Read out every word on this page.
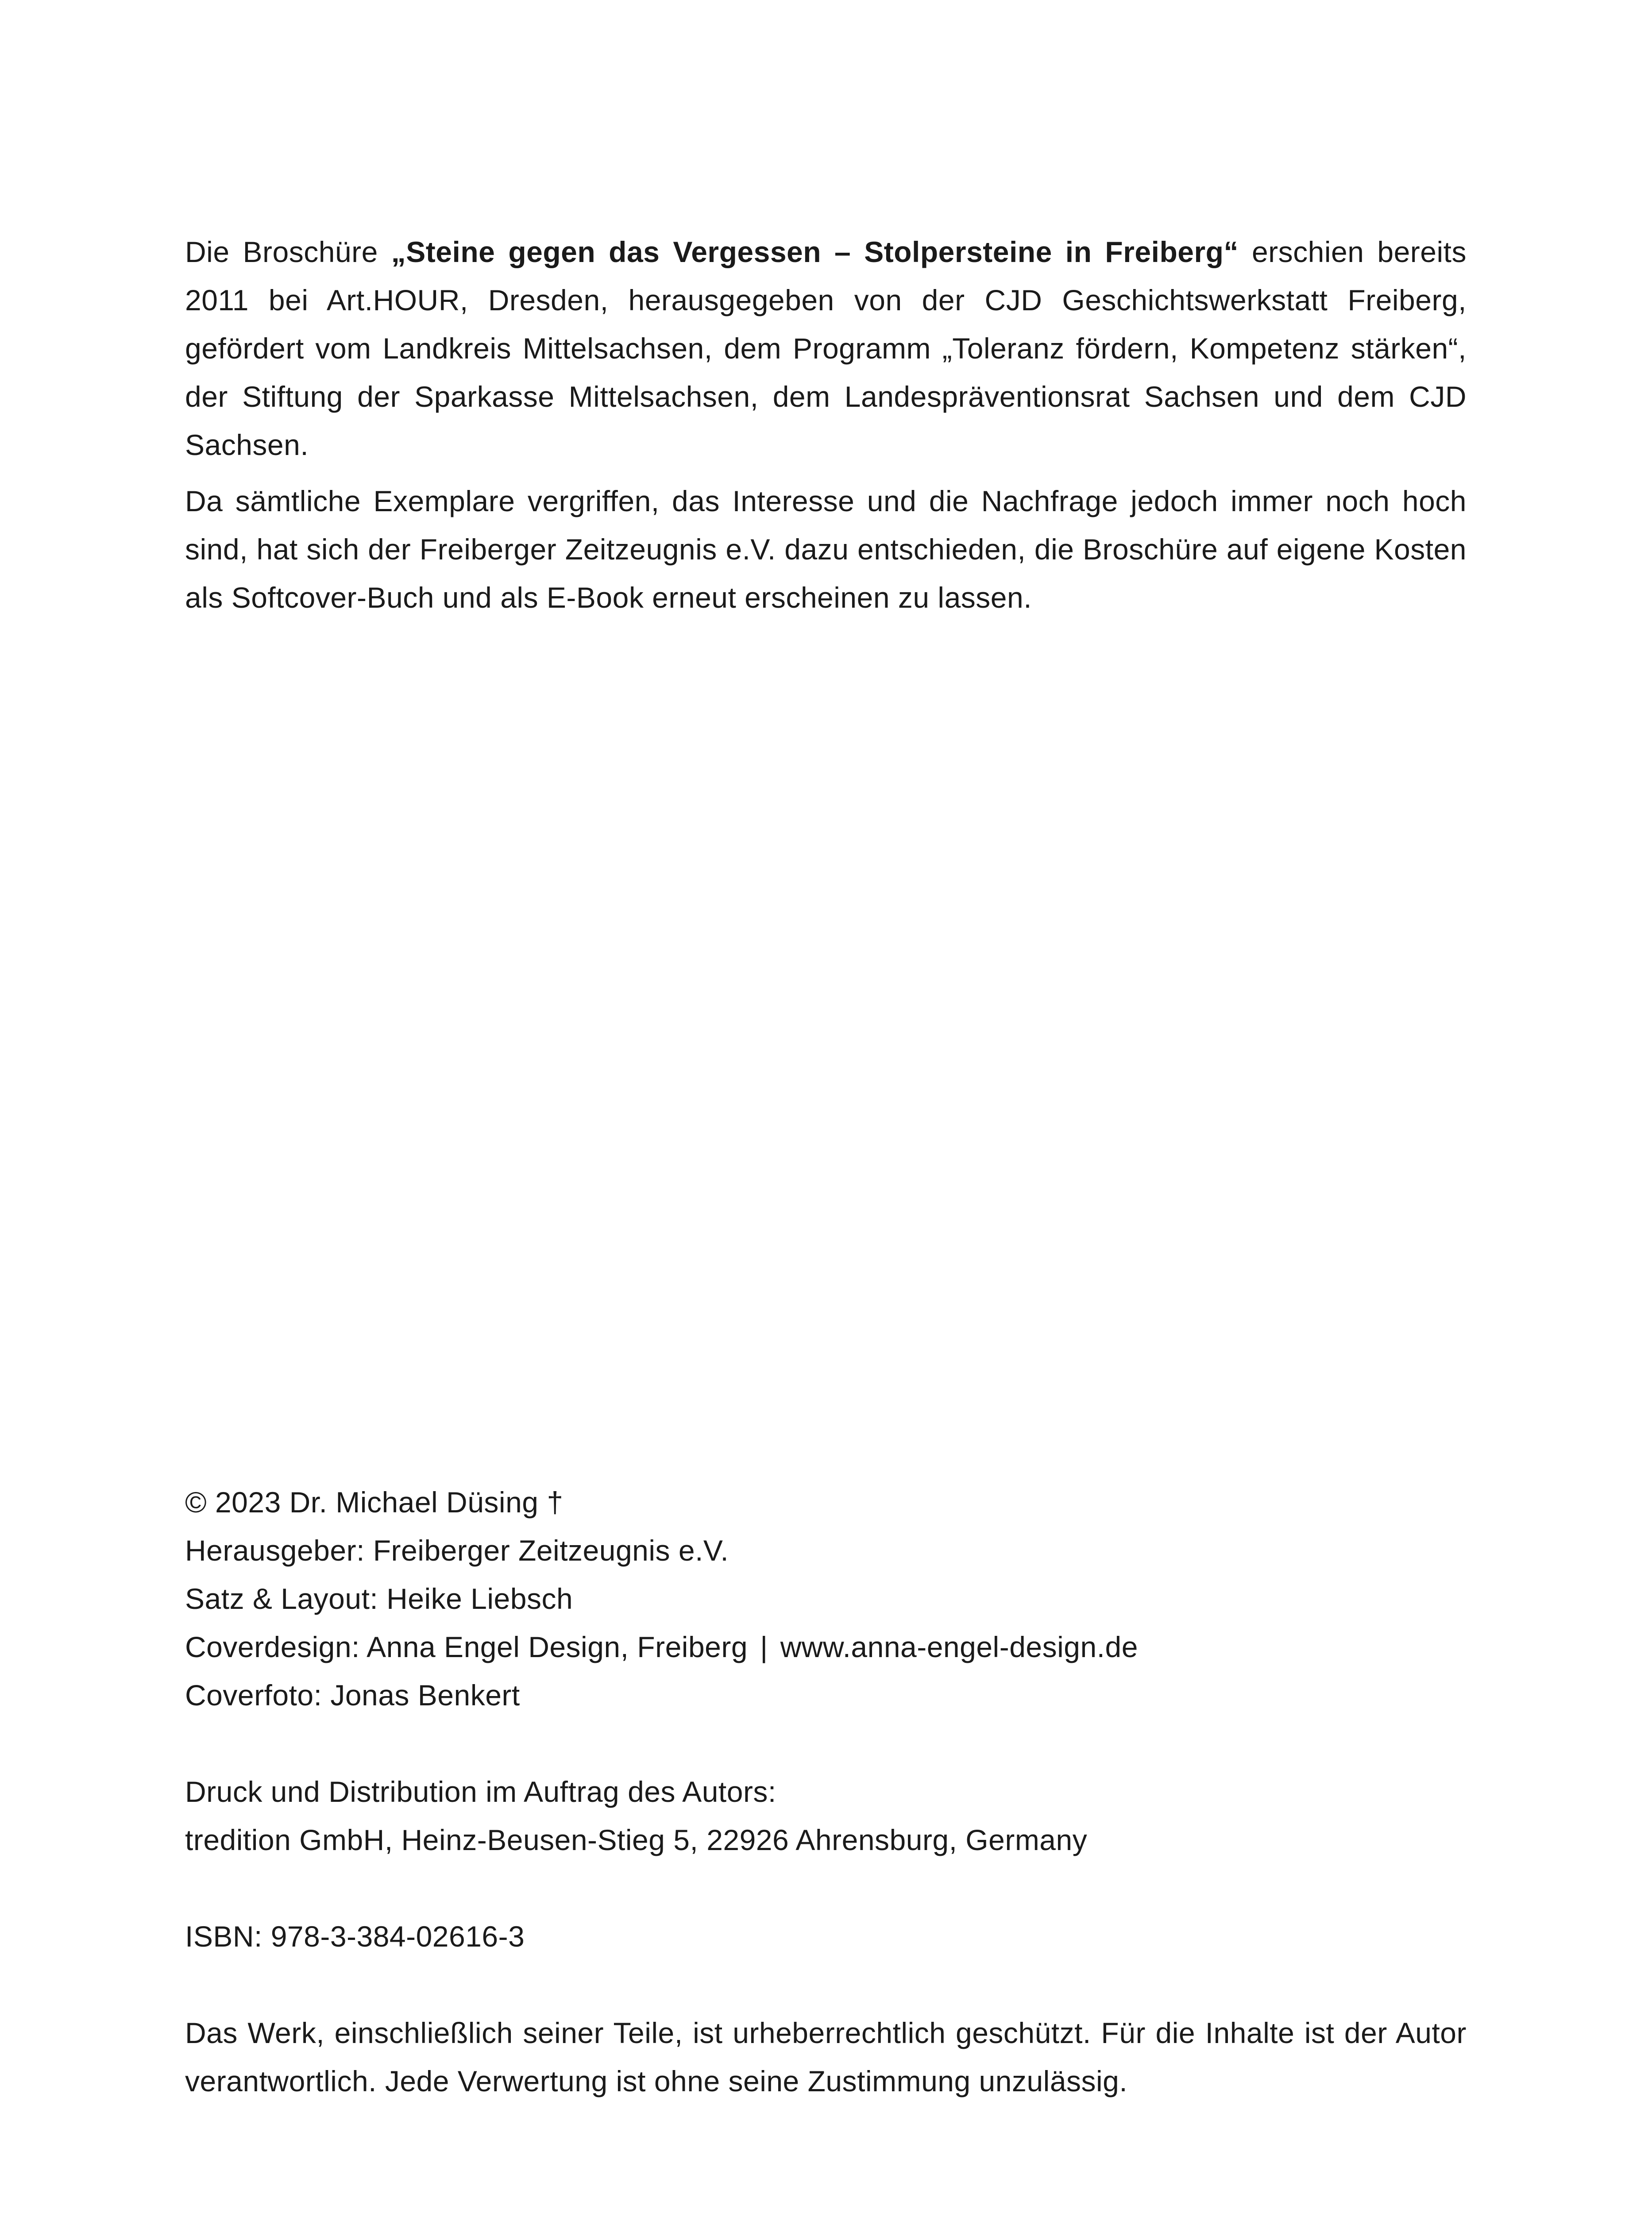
Die Broschüre „Steine gegen das Vergessen – Stolpersteine in Freiberg“ erschien bereits 2011 bei Art.HOUR, Dresden, herausgegeben von der CJD Geschichtswerkstatt Freiberg, gefördert vom Landkreis Mittelsachsen, dem Programm „Toleranz fördern, Kompetenz stärken“, der Stiftung der Sparkasse Mittelsachsen, dem Landespräventionsrat Sachsen und dem CJD Sachsen.

Da sämtliche Exemplare vergriffen, das Interesse und die Nachfrage jedoch immer noch hoch sind, hat sich der Freiberger Zeitzeugnis e.V. dazu entschieden, die Broschüre auf eigene Kosten als Softcover-Buch und als E-Book erneut erscheinen zu lassen.

© 2023 Dr. Michael Düsing †
Herausgeber: Freiberger Zeitzeugnis e.V.
Satz & Layout: Heike Liebsch
Coverdesign: Anna Engel Design, Freiberg | www.anna-engel-design.de
Coverfoto: Jonas Benkert
Druck und Distribution im Auftrag des Autors:
tredition GmbH, Heinz-Beusen-Stieg 5, 22926 Ahrensburg, Germany
ISBN: 978-3-384-02616-3
Das Werk, einschließlich seiner Teile, ist urheberrechtlich geschützt. Für die Inhalte ist der Autor verantwortlich. Jede Verwertung ist ohne seine Zustimmung unzulässig.
